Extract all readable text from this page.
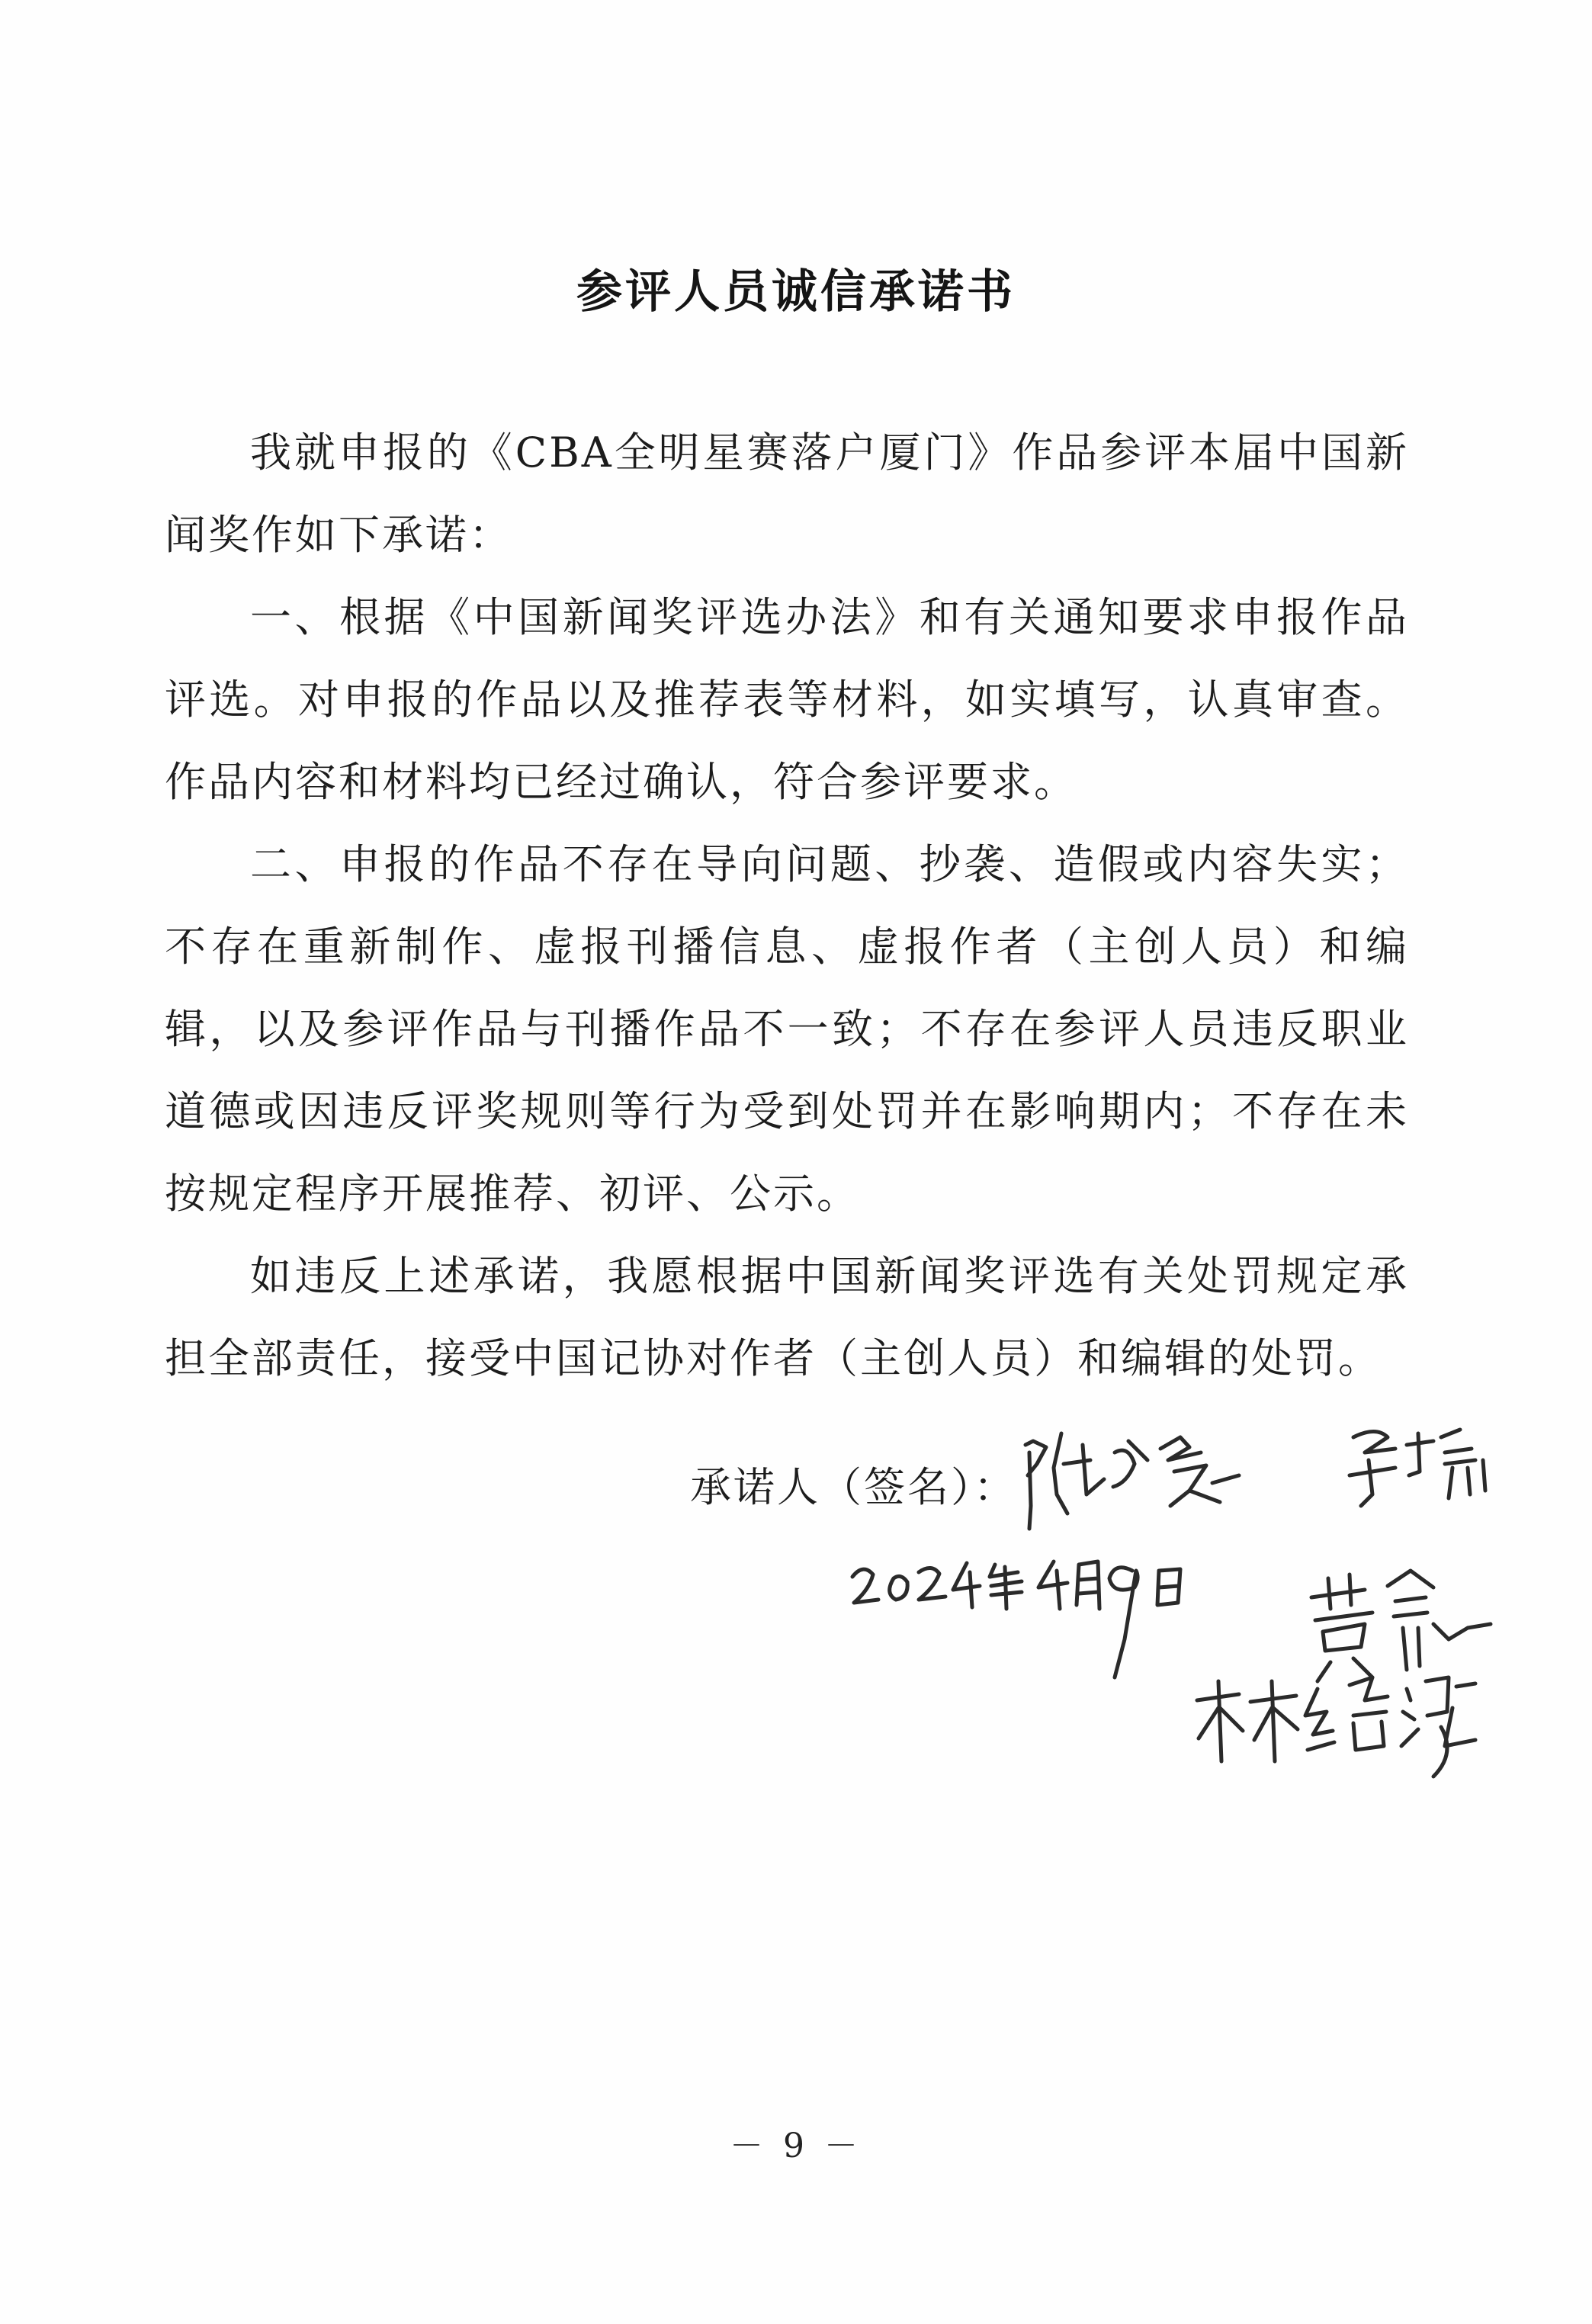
参评人员诚信承诺书

我就申报的《CBA全明星赛落户厦门》作品参评本届中国新闻奖作如下承诺：

一、根据《中国新闻奖评选办法》和有关通知要求申报作品评选。对申报的作品以及推荐表等材料，如实填写，认真审查。作品内容和材料均已经过确认，符合参评要求。

二、申报的作品不存在导向问题、抄袭、造假或内容失实；不存在重新制作、虚报刊播信息、虚报作者（主创人员）和编辑，以及参评作品与刊播作品不一致；不存在参评人员违反职业道德或因违反评奖规则等行为受到处罚并在影响期内；不存在未按规定程序开展推荐、初评、公示。

如违反上述承诺，我愿根据中国新闻奖评选有关处罚规定承担全部责任，接受中国记协对作者（主创人员）和编辑的处罚。

承诺人（签名）：
－ 9 －
